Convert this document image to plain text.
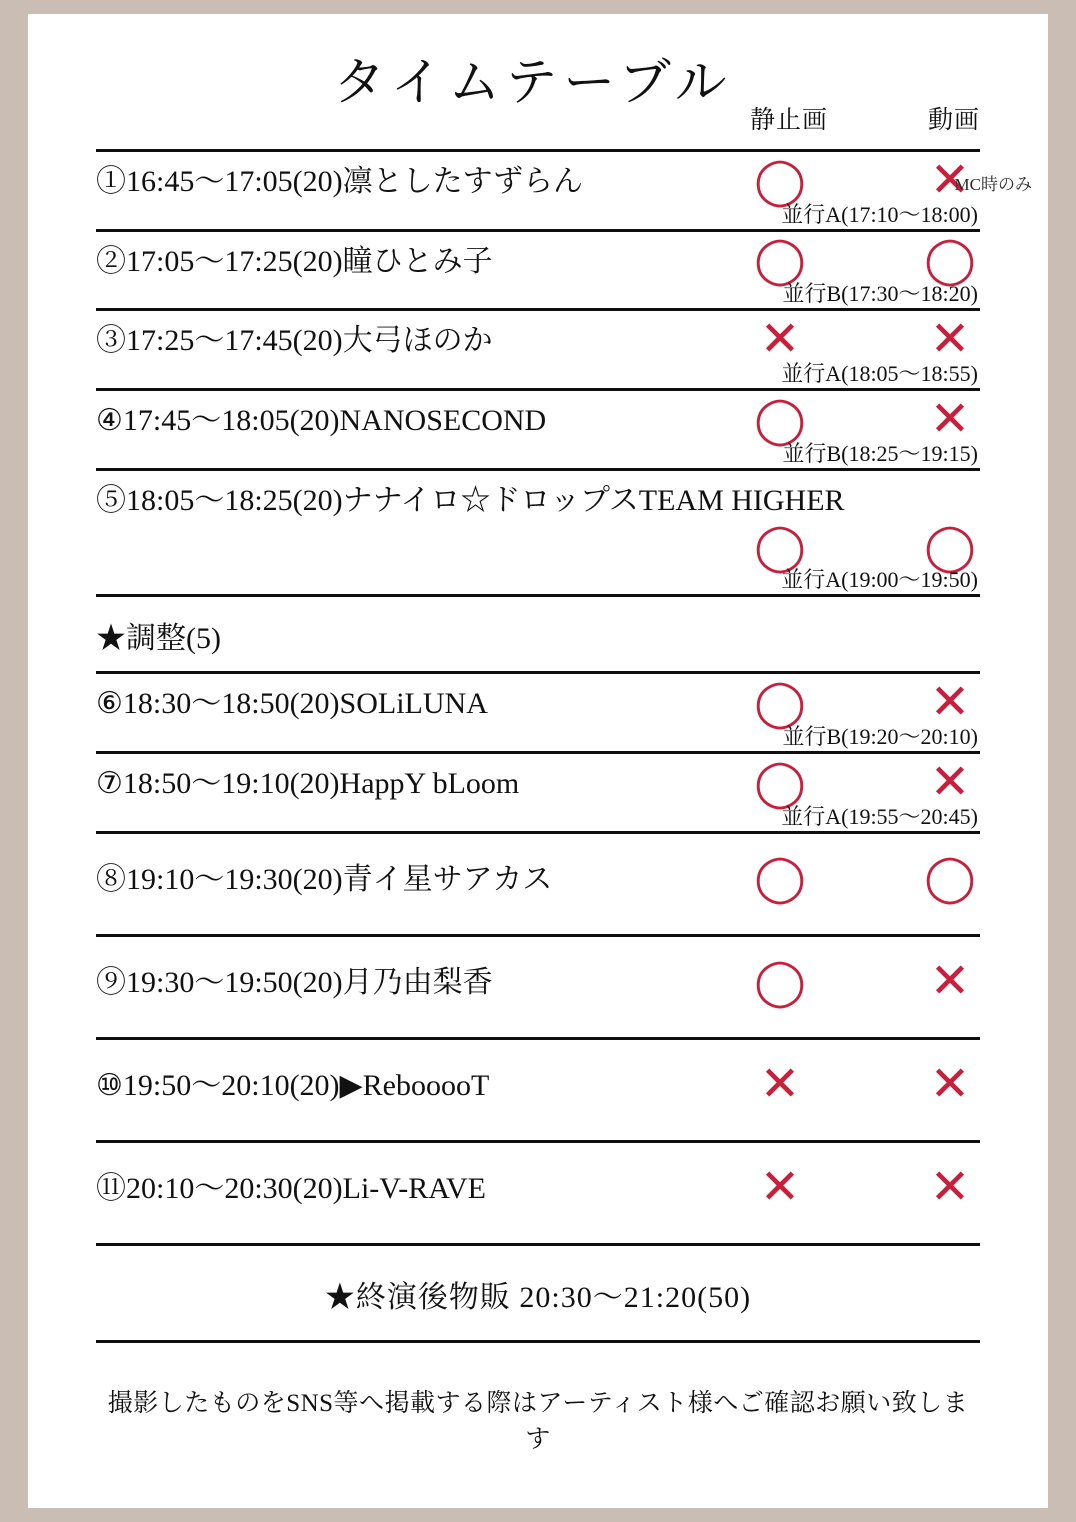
タイムテーブル
静止画	動画
①16:45〜17:05(20)凛としたすずらん	◯	✕
MC時のみ
並行A(17:10〜18:00)
②17:05〜17:25(20)瞳ひとみ子	◯	◯
並行B(17:30〜18:20)
③17:25〜17:45(20)大弓ほのか	✕	✕
並行A(18:05〜18:55)
④17:45〜18:05(20)NANOSECOND	◯	✕
並行B(18:25〜19:15)
⑤18:05〜18:25(20)ナナイロ☆ドロップスTEAM HIGHER
◯	◯
並行A(19:00〜19:50)
★調整(5)
⑥18:30〜18:50(20)SOLiLUNA	◯	✕
並行B(19:20〜20:10)
⑦18:50〜19:10(20)HappY bLoom	◯	✕
並行A(19:55〜20:45)
⑧19:10〜19:30(20)青イ星サアカス	◯	◯
⑨19:30〜19:50(20)月乃由梨香	◯	✕
⑩19:50〜20:10(20)▶RebooooT	✕	✕
⑪20:10〜20:30(20)Li-V-RAVE	✕	✕
★終演後物販 20:30〜21:20(50)
撮影したものをSNS等へ掲載する際はアーティスト様へご確認お願い致します
